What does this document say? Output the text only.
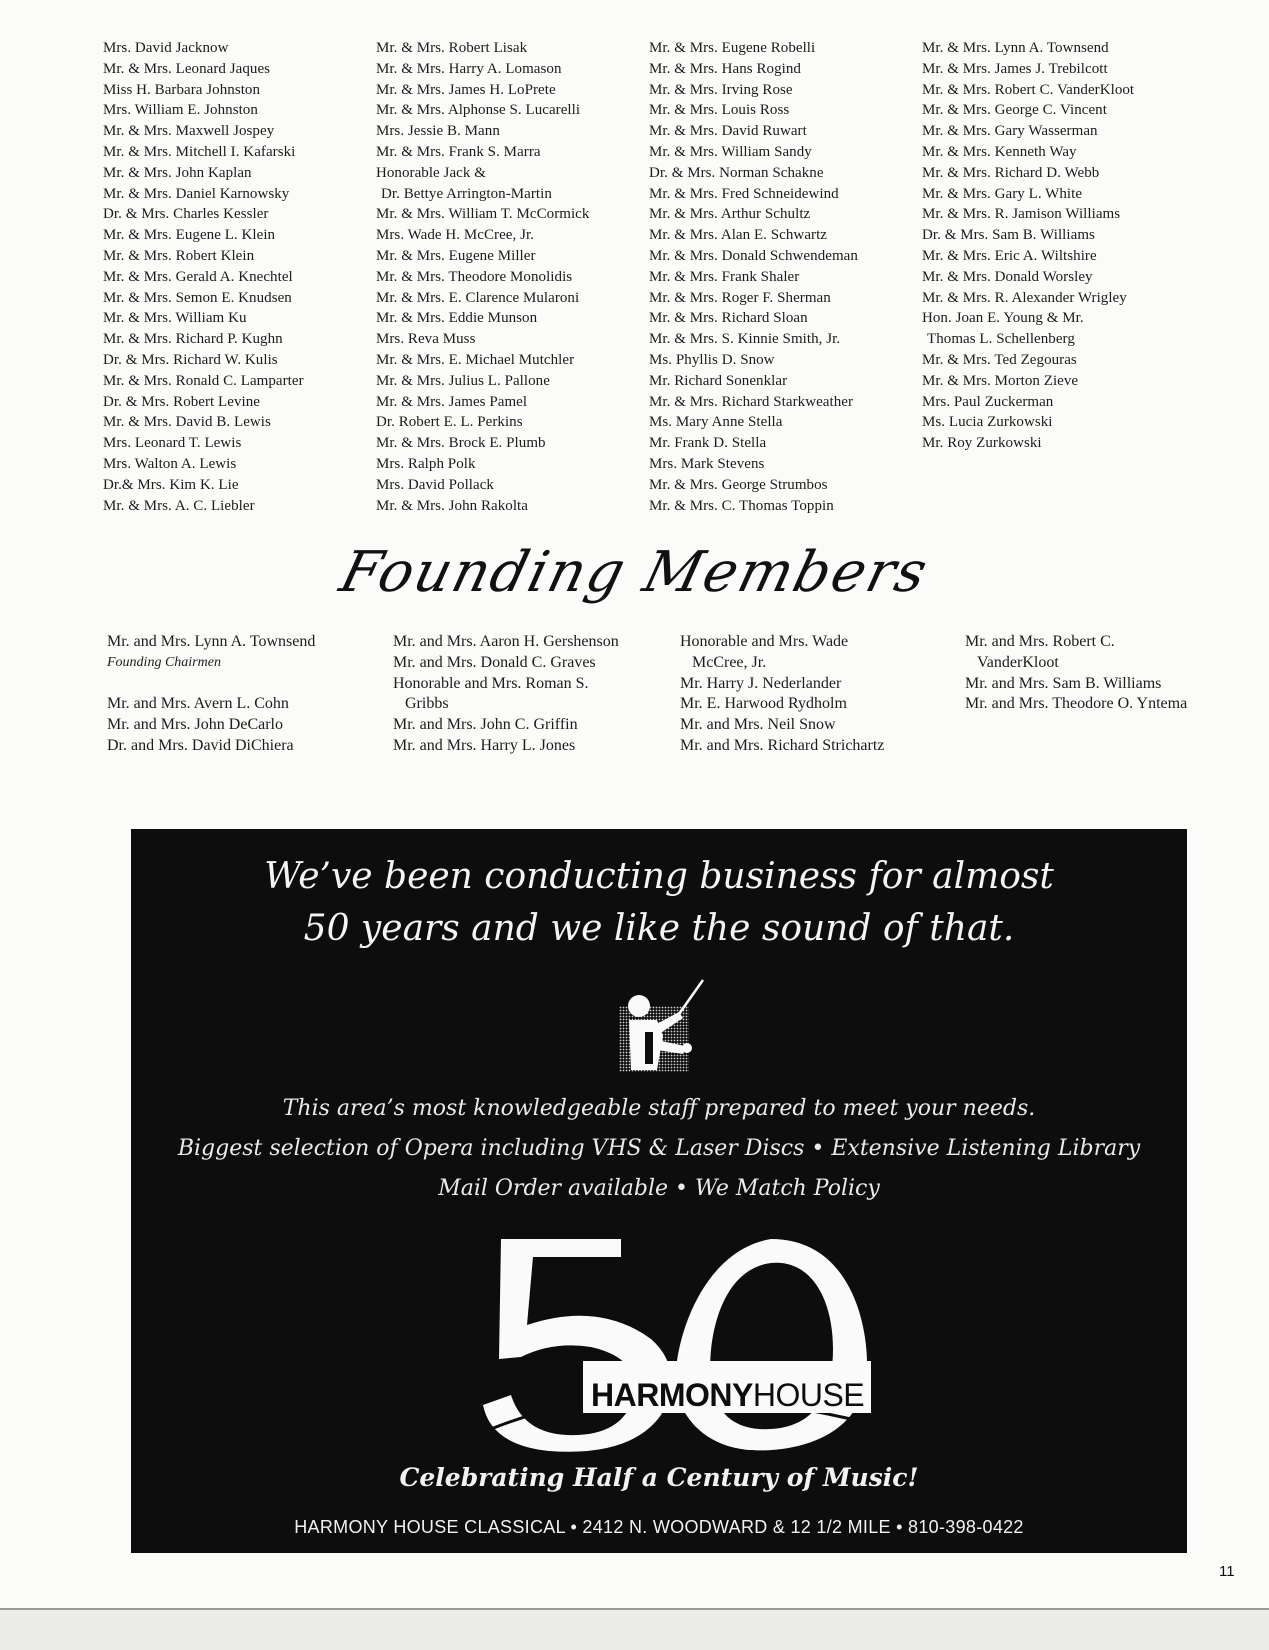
Mrs. David Jacknow
Mr. & Mrs. Leonard Jaques
Miss H. Barbara Johnston
Mrs. William E. Johnston
Mr. & Mrs. Maxwell Jospey
Mr. & Mrs. Mitchell I. Kafarski
Mr. & Mrs. John Kaplan
Mr. & Mrs. Daniel Karnowsky
Dr. & Mrs. Charles Kessler
Mr. & Mrs. Eugene L. Klein
Mr. & Mrs. Robert Klein
Mr. & Mrs. Gerald A. Knechtel
Mr. & Mrs. Semon E. Knudsen
Mr. & Mrs. William Ku
Mr. & Mrs. Richard P. Kughn
Dr. & Mrs. Richard W. Kulis
Mr. & Mrs. Ronald C. Lamparter
Dr. & Mrs. Robert Levine
Mr. & Mrs. David B. Lewis
Mrs. Leonard T. Lewis
Mrs. Walton A. Lewis
Dr.& Mrs. Kim K. Lie
Mr. & Mrs. A. C. Liebler
Mr. & Mrs. Robert Lisak
Mr. & Mrs. Harry A. Lomason
Mr. & Mrs. James H. LoPrete
Mr. & Mrs. Alphonse S. Lucarelli
Mrs. Jessie B. Mann
Mr. & Mrs. Frank S. Marra
Honorable Jack &
Dr. Bettye Arrington-Martin
Mr. & Mrs. William T. McCormick
Mrs. Wade H. McCree, Jr.
Mr. & Mrs. Eugene Miller
Mr. & Mrs. Theodore Monolidis
Mr. & Mrs. E. Clarence Mularoni
Mr. & Mrs. Eddie Munson
Mrs. Reva Muss
Mr. & Mrs. E. Michael Mutchler
Mr. & Mrs. Julius L. Pallone
Mr. & Mrs. James Pamel
Dr. Robert E. L. Perkins
Mr. & Mrs. Brock E. Plumb
Mrs. Ralph Polk
Mrs. David Pollack
Mr. & Mrs. John Rakolta
Mr. & Mrs. Eugene Robelli
Mr. & Mrs. Hans Rogind
Mr. & Mrs. Irving Rose
Mr. & Mrs. Louis Ross
Mr. & Mrs. David Ruwart
Mr. & Mrs. William Sandy
Dr. & Mrs. Norman Schakne
Mr. & Mrs. Fred Schneidewind
Mr. & Mrs. Arthur Schultz
Mr. & Mrs. Alan E. Schwartz
Mr. & Mrs. Donald Schwendeman
Mr. & Mrs. Frank Shaler
Mr. & Mrs. Roger F. Sherman
Mr. & Mrs. Richard Sloan
Mr. & Mrs. S. Kinnie Smith, Jr.
Ms. Phyllis D. Snow
Mr. Richard Sonenklar
Mr. & Mrs. Richard Starkweather
Ms. Mary Anne Stella
Mr. Frank D. Stella
Mrs. Mark Stevens
Mr. & Mrs. George Strumbos
Mr. & Mrs. C. Thomas Toppin
Mr. & Mrs. Lynn A. Townsend
Mr. & Mrs. James J. Trebilcott
Mr. & Mrs. Robert C. VanderKloot
Mr. & Mrs. George C. Vincent
Mr. & Mrs. Gary Wasserman
Mr. & Mrs. Kenneth Way
Mr. & Mrs. Richard D. Webb
Mr. & Mrs. Gary L. White
Mr. & Mrs. R. Jamison Williams
Dr. & Mrs. Sam B. Williams
Mr. & Mrs. Eric A. Wiltshire
Mr. & Mrs. Donald Worsley
Mr. & Mrs. R. Alexander Wrigley
Hon. Joan E. Young & Mr.
Thomas L. Schellenberg
Mr. & Mrs. Ted Zegouras
Mr. & Mrs. Morton Zieve
Mrs. Paul Zuckerman
Ms. Lucia Zurkowski
Mr. Roy Zurkowski
Founding Members
Mr. and Mrs. Lynn A. Townsend
Founding Chairmen
Mr. and Mrs. Avern L. Cohn
Mr. and Mrs. John DeCarlo
Dr. and Mrs. David DiChiera
Mr. and Mrs. Aaron H. Gershenson
Mr. and Mrs. Donald C. Graves
Honorable and Mrs. Roman S.
Gribbs
Mr. and Mrs. John C. Griffin
Mr. and Mrs. Harry L. Jones
Honorable and Mrs. Wade
McCree, Jr.
Mr. Harry J. Nederlander
Mr. E. Harwood Rydholm
Mr. and Mrs. Neil Snow
Mr. and Mrs. Richard Strichartz
Mr. and Mrs. Robert C.
VanderKloot
Mr. and Mrs. Sam B. Williams
Mr. and Mrs. Theodore O. Yntema
We’ve been conducting business for almost
50 years and we like the sound of that.
This area’s most knowledgeable staff prepared to meet your needs.
Biggest selection of Opera including VHS & Laser Discs • Extensive Listening Library
Mail Order available • We Match Policy
HARMONYHOUSE
Celebrating Half a Century of Music!
HARMONY HOUSE CLASSICAL • 2412 N. WOODWARD & 12 1/2 MILE • 810-398-0422
11
